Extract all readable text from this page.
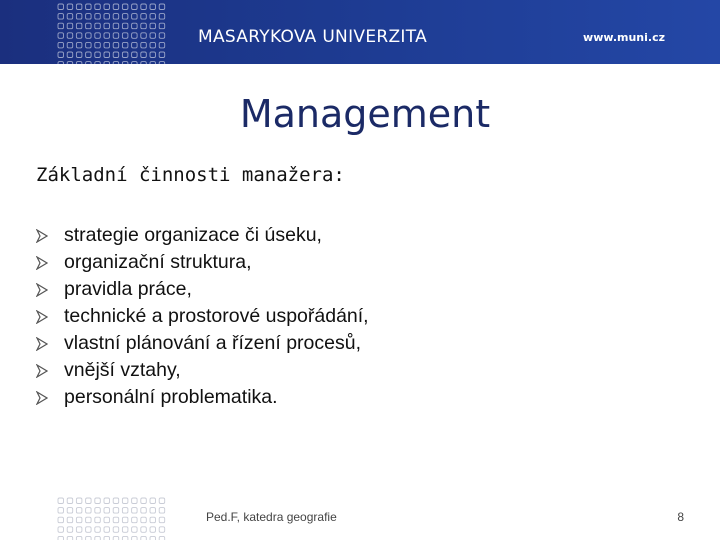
MASARYKOVA UNIVERZITA	www.muni.cz
Management
Základní činnosti manažera:
strategie organizace či úseku,
organizační struktura,
pravidla práce,
technické a prostorové uspořádání,
vlastní plánování a řízení procesů,
vnější vztahy,
personální problematika.
Ped.F, katedra geografie	8
